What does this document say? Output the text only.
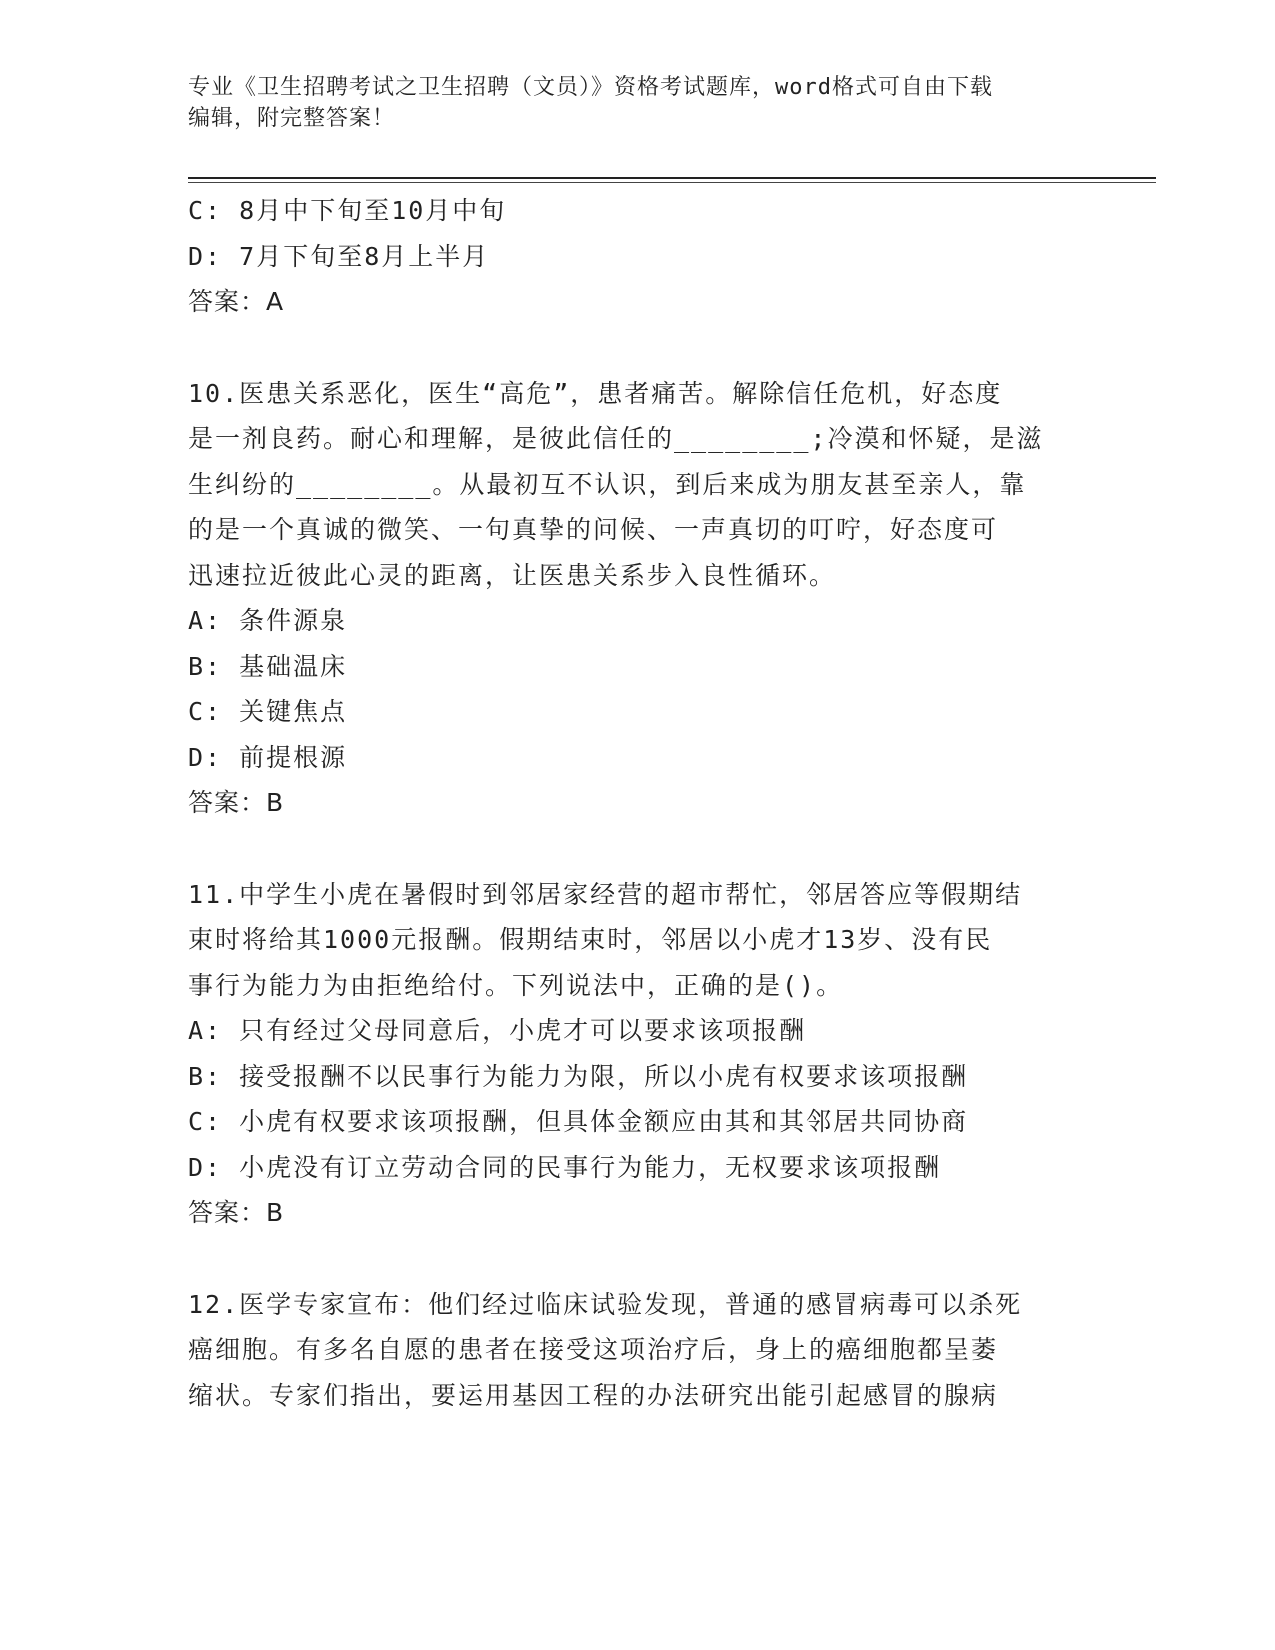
专业《卫生招聘考试之卫生招聘（文员）》资格考试题库，word格式可自由下载
编辑，附完整答案！
C: 8月中下旬至10月中旬
D: 7月下旬至8月上半月
答案：A
10.医患关系恶化，医生“高危”，患者痛苦。解除信任危机，好态度
是一剂良药。耐心和理解，是彼此信任的________;冷漠和怀疑，是滋
生纠纷的________。从最初互不认识，到后来成为朋友甚至亲人，靠
的是一个真诚的微笑、一句真挚的问候、一声真切的叮咛，好态度可
迅速拉近彼此心灵的距离，让医患关系步入良性循环。
A: 条件源泉
B: 基础温床
C: 关键焦点
D: 前提根源
答案：B
11.中学生小虎在暑假时到邻居家经营的超市帮忙，邻居答应等假期结
束时将给其1000元报酬。假期结束时，邻居以小虎才13岁、没有民
事行为能力为由拒绝给付。下列说法中，正确的是()。
A: 只有经过父母同意后，小虎才可以要求该项报酬
B: 接受报酬不以民事行为能力为限，所以小虎有权要求该项报酬
C: 小虎有权要求该项报酬，但具体金额应由其和其邻居共同协商
D: 小虎没有订立劳动合同的民事行为能力，无权要求该项报酬
答案：B
12.医学专家宣布：他们经过临床试验发现，普通的感冒病毒可以杀死
癌细胞。有多名自愿的患者在接受这项治疗后，身上的癌细胞都呈萎
缩状。专家们指出，要运用基因工程的办法研究出能引起感冒的腺病
